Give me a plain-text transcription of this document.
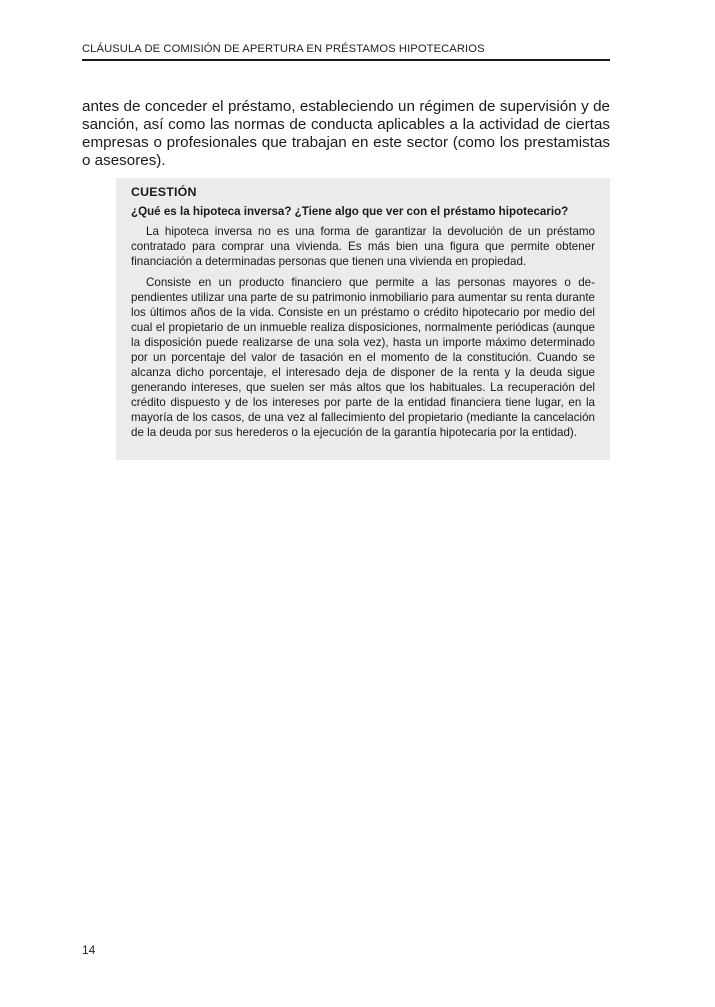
CLÁUSULA DE COMISIÓN DE APERTURA EN PRÉSTAMOS HIPOTECARIOS

antes de conceder el préstamo, estableciendo un régimen de supervisión y de sanción, así como las normas de conducta aplicables a la actividad de ciertas empresas o profesionales que trabajan en este sector (como los prestamistas o asesores).

CUESTIÓN

¿Qué es la hipoteca inversa? ¿Tiene algo que ver con el préstamo hipotecario?

La hipoteca inversa no es una forma de garantizar la devolución de un préstamo contratado para comprar una vivienda. Es más bien una figura que permite obtener financiación a determinadas personas que tienen una vivienda en propiedad.

Consiste en un producto financiero que permite a las personas mayores o dependientes utilizar una parte de su patrimonio inmobiliario para aumentar su renta durante los últimos años de la vida. Consiste en un préstamo o crédito hipotecario por medio del cual el propietario de un inmueble realiza disposiciones, normalmente periódicas (aunque la disposición puede realizarse de una sola vez), hasta un importe máximo determinado por un porcentaje del valor de tasación en el momento de la constitución. Cuando se alcanza dicho porcentaje, el interesado deja de disponer de la renta y la deuda sigue generando intereses, que suelen ser más altos que los habituales. La recuperación del crédito dispuesto y de los intereses por parte de la entidad financiera tiene lugar, en la mayoría de los casos, de una vez al fallecimiento del propietario (mediante la cancelación de la deuda por sus herederos o la ejecución de la garantía hipotecaria por la entidad).

14
